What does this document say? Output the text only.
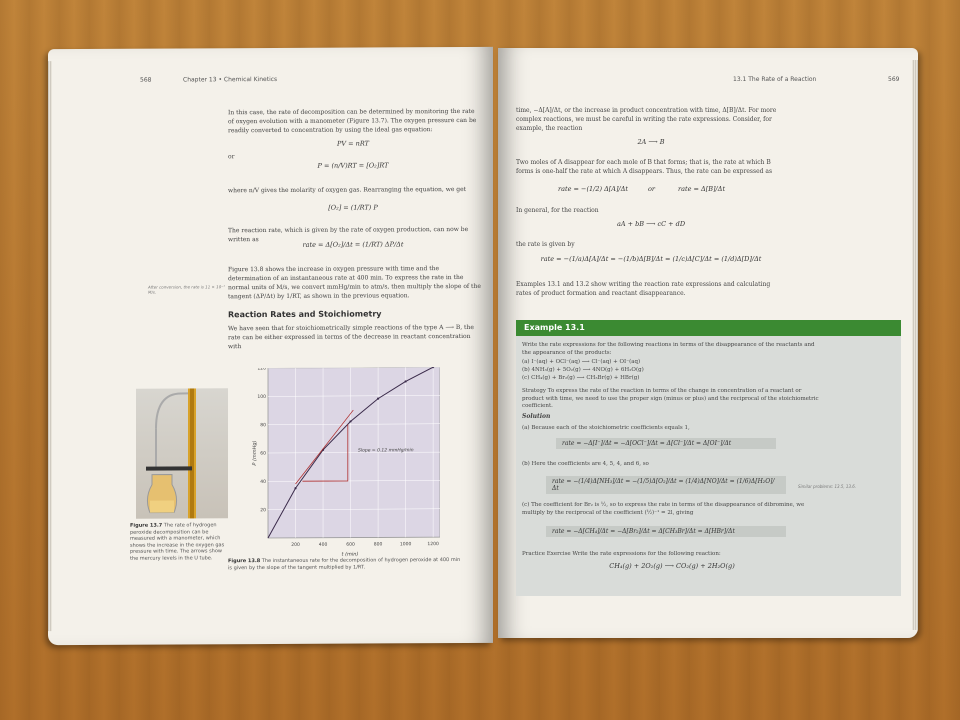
568	Chapter 13 • Chemical Kinetics
In this case, the rate of decomposition can be determined by monitoring the rate of oxygen evolution with a manometer (Figure 13.7). The oxygen pressure can be readily converted to concentration by using the ideal gas equation:
PV = nRT
or
P = (n/V)RT = [O₂]RT
where n/V gives the molarity of oxygen gas. Rearranging the equation, we get
[O₂] = (1/RT) P
The reaction rate, which is given by the rate of oxygen production, can now be written as
rate = Δ[O₂]/Δt = (1/RT) ΔP/Δt
Figure 13.8 shows the increase in oxygen pressure with time and the determination of an instantaneous rate at 400 min. To express the rate in the normal units of M/s, we convert mmHg/min to atm/s, then multiply the slope of the tangent (ΔP/Δt) by 1/RT, as shown in the previous equation.
After conversion, the rate is 11 × 10⁻⁷ M/s.
Reaction Rates and Stoichiometry
We have seen that for stoichiometrically simple reactions of the type A ⟶ B, the rate can be either expressed in terms of the decrease in reactant concentration with
Figure 13.7 The rate of hydrogen peroxide decomposition can be measured with a manometer, which shows the increase in the oxygen gas pressure with time. The arrows show the mercury levels in the U tube.
200	400	600	800	1000	1200
20
40
60
80
100
120
Slope = 0.12 mmHg/min
t (min)
P (mmHg)
Figure 13.8 The instantaneous rate for the decomposition of hydrogen peroxide at 400 min is given by the slope of the tangent multiplied by 1/RT.
13.1 The Rate of a Reaction	569
time, −Δ[A]/Δt, or the increase in product concentration with time, Δ[B]/Δt. For more complex reactions, we must be careful in writing the rate expressions. Consider, for example, the reaction
2A ⟶ B
Two moles of A disappear for each mole of B that forms; that is, the rate at which B forms is one-half the rate at which A disappears. Thus, the rate can be expressed as
rate = −(1/2) Δ[A]/Δt	or	rate = Δ[B]/Δt
In general, for the reaction
aA + bB ⟶ cC + dD
the rate is given by
rate = −(1/a)Δ[A]/Δt = −(1/b)Δ[B]/Δt = (1/c)Δ[C]/Δt = (1/d)Δ[D]/Δt
Examples 13.1 and 13.2 show writing the reaction rate expressions and calculating rates of product formation and reactant disappearance.
Example 13.1
Write the rate expressions for the following reactions in terms of the disappearance of the reactants and the appearance of the products:
(a) I⁻(aq) + OCl⁻(aq) ⟶ Cl⁻(aq) + OI⁻(aq)
(b) 4NH₃(g) + 5O₂(g) ⟶ 4NO(g) + 6H₂O(g)
(c) CH₄(g) + Br₂(g) ⟶ CH₃Br(g) + HBr(g)
Strategy To express the rate of the reaction in terms of the change in concentration of a reactant or product with time, we need to use the proper sign (minus or plus) and the reciprocal of the stoichiometric coefficient.
Solution
(a) Because each of the stoichiometric coefficients equals 1,
rate = −Δ[I⁻]/Δt = −Δ[OCl⁻]/Δt = Δ[Cl⁻]/Δt = Δ[OI⁻]/Δt
(b) Here the coefficients are 4, 5, 4, and 6, so
rate = −(1/4)Δ[NH₃]/Δt = −(1/5)Δ[O₂]/Δt = (1/4)Δ[NO]/Δt = (1/6)Δ[H₂O]/Δt
(c) The coefficient for Br₂ is ½, so to express the rate in terms of the disappearance of dibromine, we multiply by the reciprocal of the coefficient (½)⁻¹ = 2l, giving
rate = −Δ[CH₄]/Δt = −Δ[Br₂]/Δt = Δ[CH₃Br]/Δt = Δ[HBr]/Δt
Practice Exercise Write the rate expressions for the following reaction:
CH₄(g) + 2O₂(g) ⟶ CO₂(g) + 2H₂O(g)
Similar problems: 13.5, 13.6.
